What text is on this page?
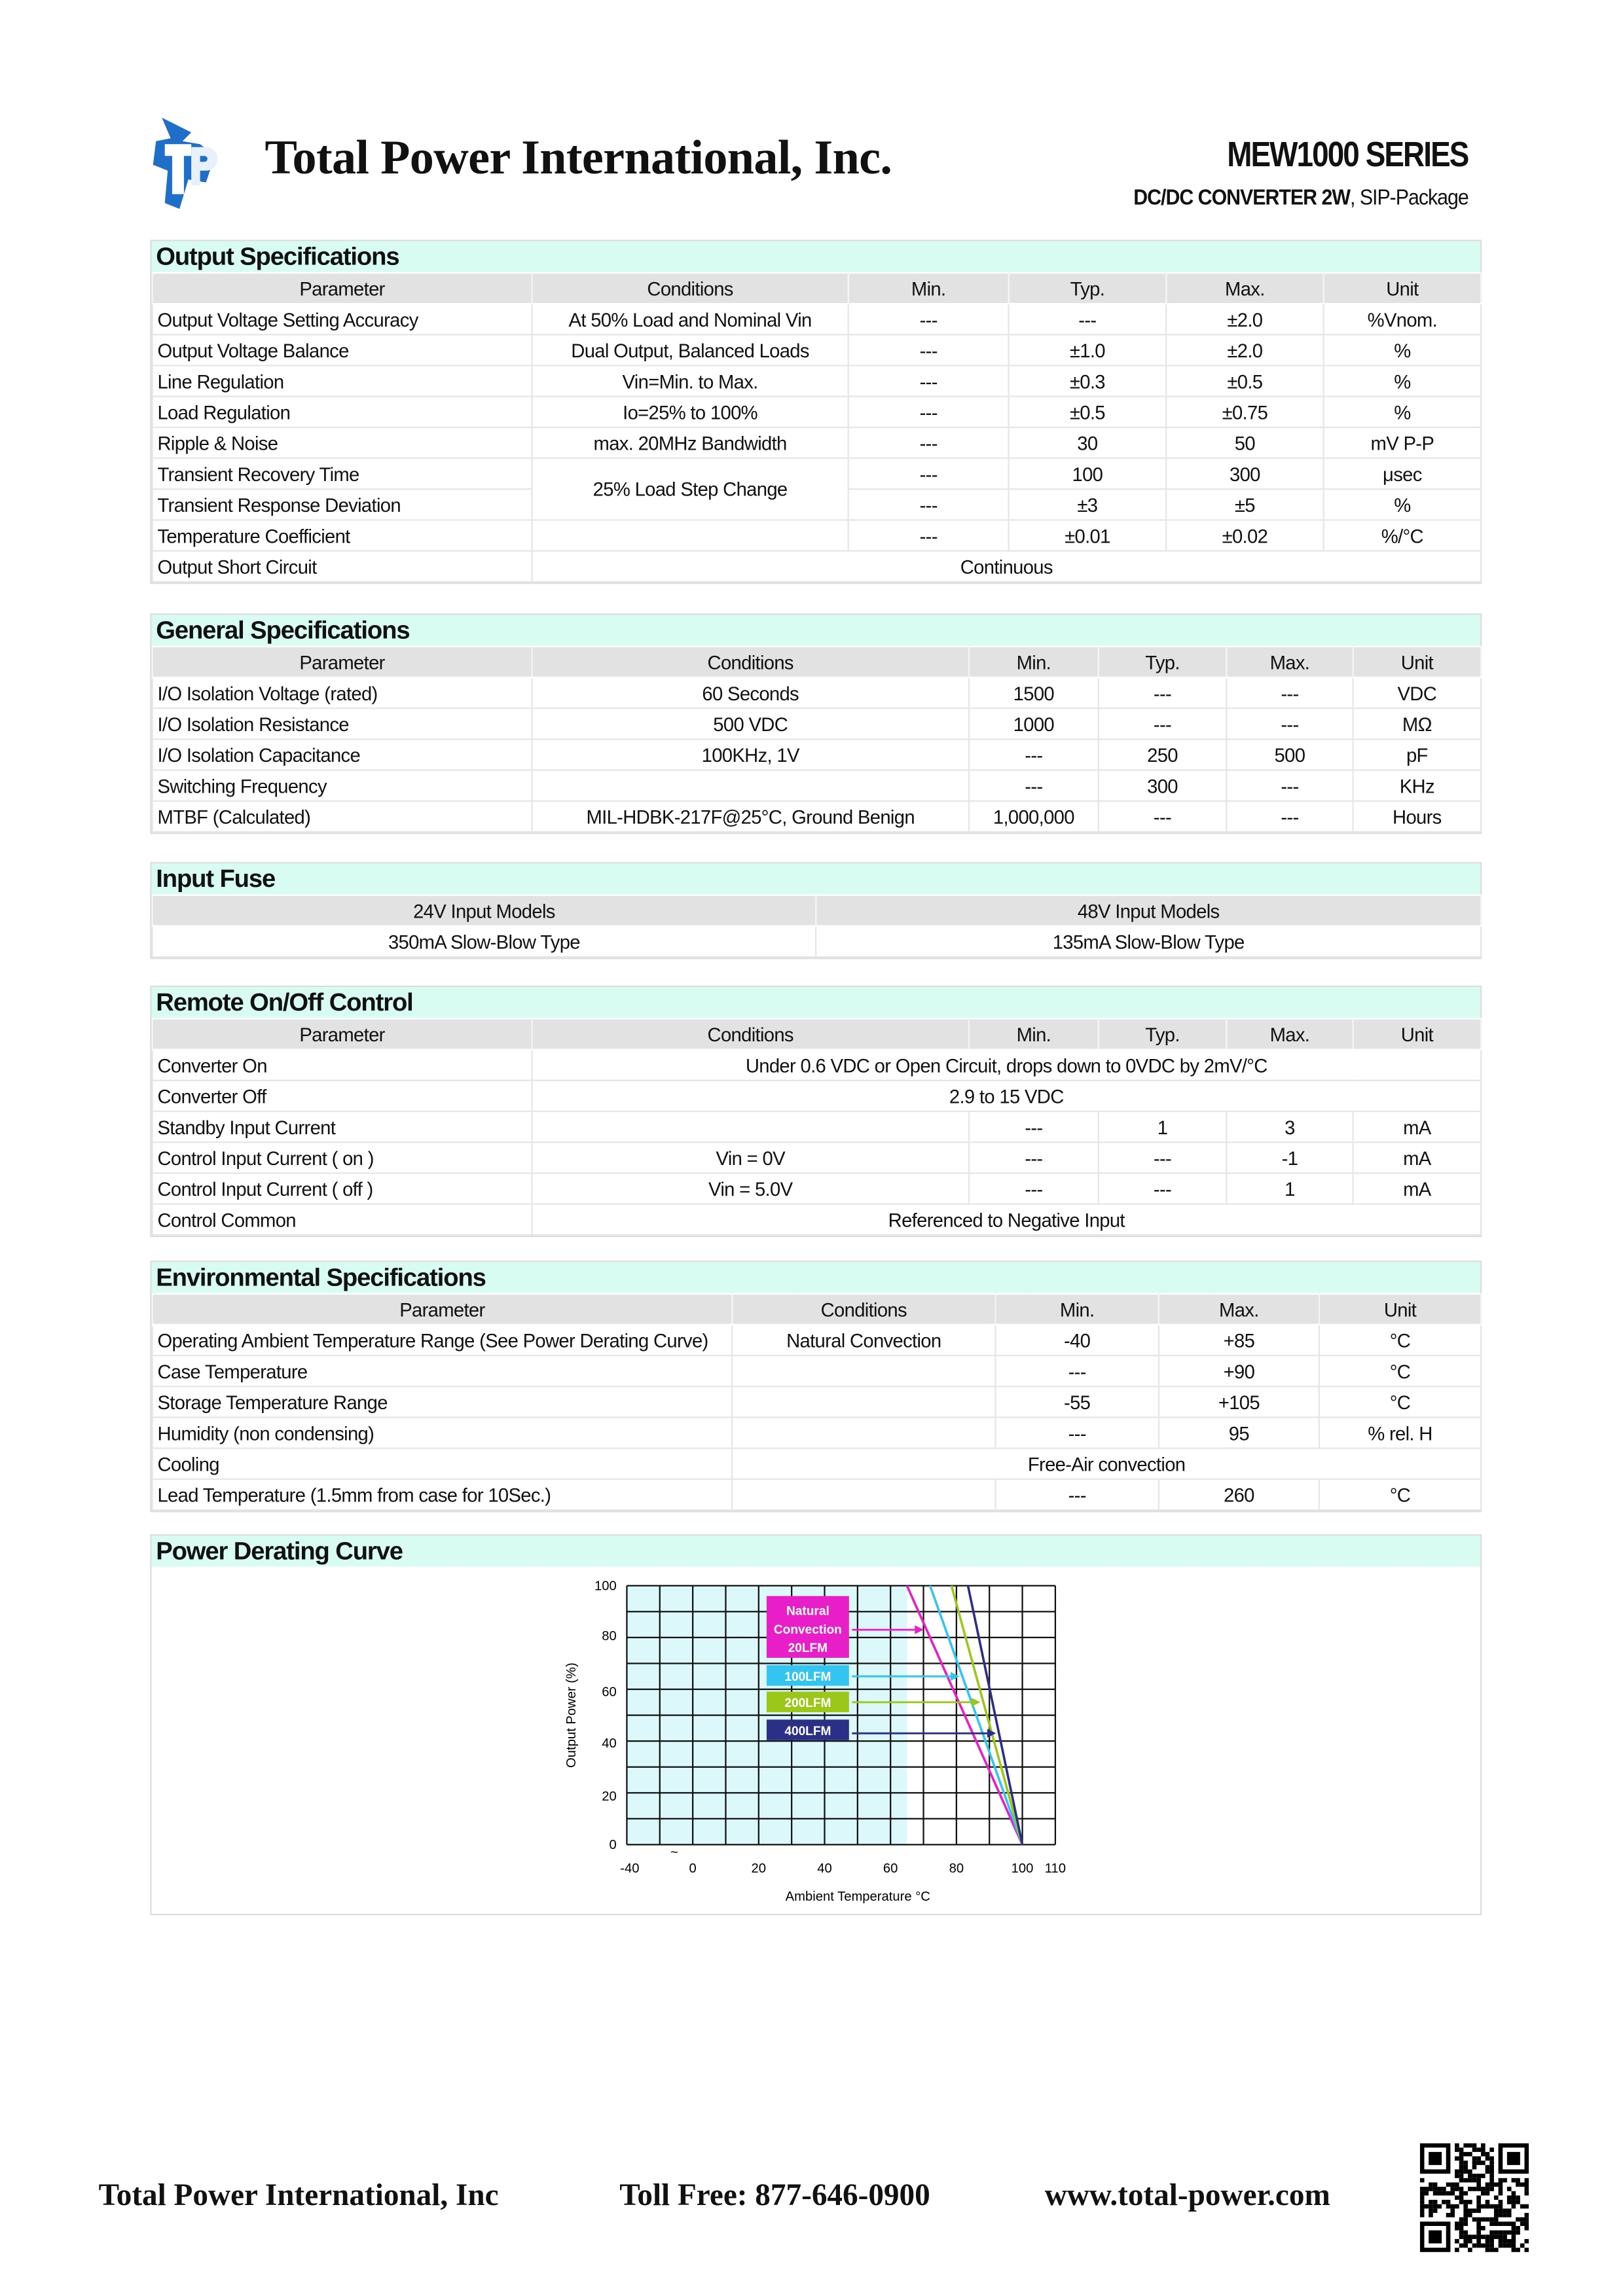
Total Power International, Inc.	MEW1000 SERIES
DC/DC CONVERTER 2W, SIP-Package
Output Specifications
Parameter	Conditions	Min.	Typ.	Max.	Unit
Output Voltage Setting Accuracy	At 50% Load and Nominal Vin	---	---	±2.0	%Vnom.
Output Voltage Balance	Dual Output, Balanced Loads	---	±1.0	±2.0	%
Line Regulation	Vin=Min. to Max.	---	±0.3	±0.5	%
Load Regulation	Io=25% to 100%	---	±0.5	±0.75	%
Ripple & Noise	max. 20MHz Bandwidth	---	30	50	mV P-P
Transient Recovery Time	25% Load Step Change	---	100	300	μsec
Transient Response Deviation		---	±3	±5	%
Temperature Coefficient		---	±0.01	±0.02	%/°C
Output Short Circuit	Continuous				
General Specifications
Parameter	Conditions	Min.	Typ.	Max.	Unit
I/O Isolation Voltage (rated)	60 Seconds	1500	---	---	VDC
I/O Isolation Resistance	500 VDC	1000	---	---	MΩ
I/O Isolation Capacitance	100KHz, 1V	---	250	500	pF
Switching Frequency		---	300	---	KHz
MTBF (Calculated)	MIL-HDBK-217F@25°C, Ground Benign	1,000,000	---	---	Hours
Input Fuse
24V Input Models	48V Input Models
350mA Slow-Blow Type	135mA Slow-Blow Type
Remote On/Off Control
Parameter	Conditions	Min.	Typ.	Max.	Unit
Converter On	Under 0.6 VDC or Open Circuit, drops down to 0VDC by 2mV/°C				
Converter Off	2.9 to 15 VDC				
Standby Input Current		---	1	3	mA
Control Input Current ( on )	Vin = 0V	---	---	-1	mA
Control Input Current ( off )	Vin = 5.0V	---	---	1	mA
Control Common	Referenced to Negative Input				
Environmental Specifications
Parameter	Conditions	Min.	Max.	Unit
Operating Ambient Temperature Range (See Power Derating Curve)	Natural Convection	-40	+85	°C
Case Temperature		---	+90	°C
Storage Temperature Range		-55	+105	°C
Humidity (non condensing)		---	95	% rel. H
Cooling	Free-Air convection			
Lead Temperature (1.5mm from case for 10Sec.)		---	260	°C
Power Derating Curve
~
-40	0	20	40	60	80	100 110
0
20
40
60
80
100
Ambient Temperature °C
Output Power (%)	100LFM
200LFM
400LFM
Natural
Convection
20LFM
Total Power International, Inc	Toll Free: 877-646-0900	www.total-power.com
